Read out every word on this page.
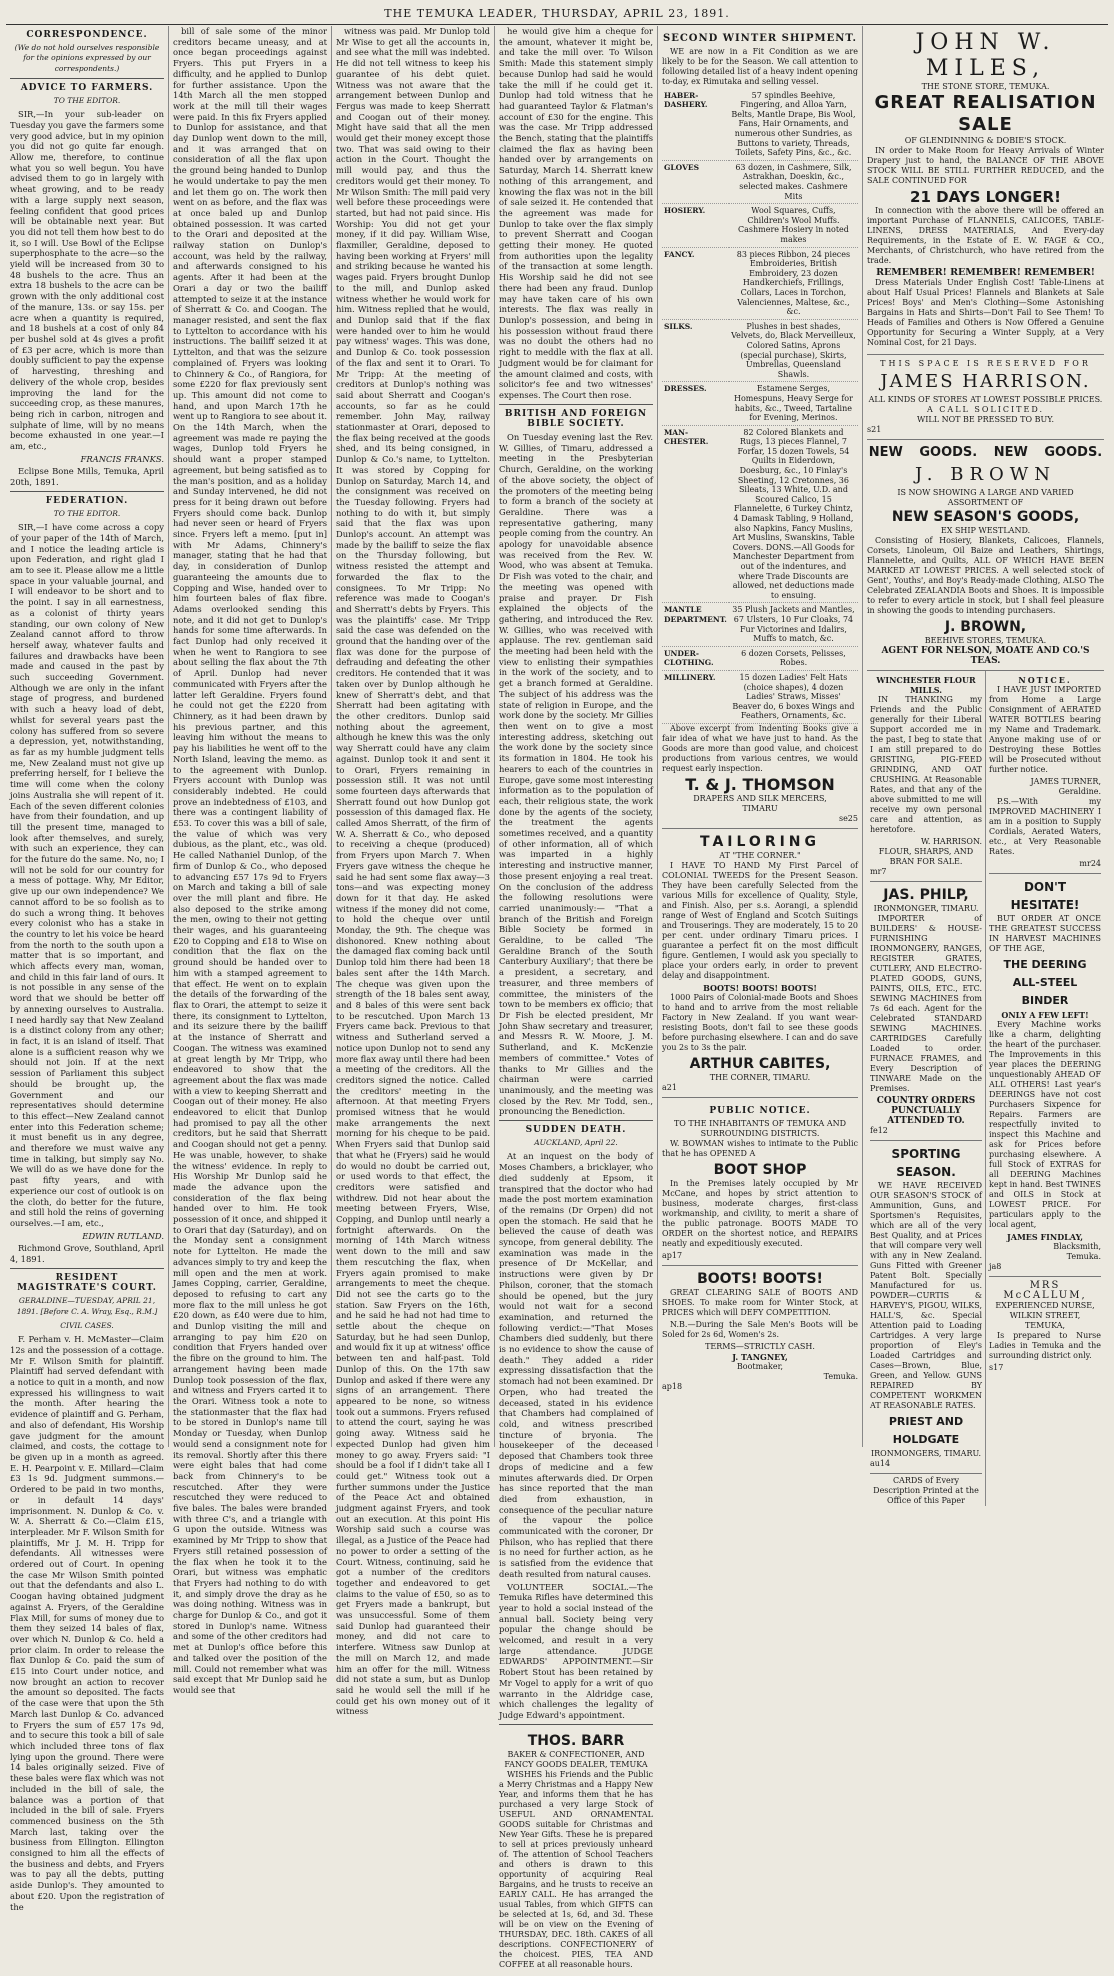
THE TEMUKA LEADER, THURSDAY, APRIL 23, 1891.
CORRESPONDENCE.
(We do not hold ourselves responsible for the opinions expressed by our correspondents.)
ADVICE TO FARMERS.
TO THE EDITOR.

SIR,—In your sub-leader on Tuesday you gave the farmers some very good advice, but in my opinion you did not go quite far enough. Allow me, therefore, to continue what you so well begun. You have advised them to go in largely with wheat growing, and to be ready with a large supply next season, feeling confident that good prices will be obtainable next year. But you did not tell them how best to do it, so I will. Use Bowl of the Eclipse superphosphate to the acre—so the yield will be increased from 30 to 48 bushels to the acre. Thus an extra 18 bushels to the acre can be grown with the only additional cost of the manure, 13s. or say 15s. per acre when a quantity is required, and 18 bushels at a cost of only 84 per bushel sold at 4s gives a profit of £3 per acre, which is more than doubly sufficient to pay the expense of harvesting, threshing and delivery of the whole crop, besides improving the land for the succeeding crop, as these manures, being rich in carbon, nitrogen and sulphate of lime, will by no means become exhausted in one year.—I am, etc.,

FRANCIS FRANKS.

Eclipse Bone Mills, Temuka, April 20th, 1891.

FEDERATION.
TO THE EDITOR.

SIR,—I have come across a copy of your paper of the 14th of March, and I notice the leading article is upon Federation, and right glad I am to see it. Please allow me a little space in your valuable journal, and I will endeavor to be short and to the point. I say in all earnestness, as a colonist of thirty years standing, our own colony of New Zealand cannot afford to throw herself away, whatever faults and failures and drawbacks have been made and caused in the past by such succeeding Government. Although we are only in the infant stage of progress, and burdened with such a heavy load of debt, whilst for several years past the colony has suffered from so severe a depression, yet, notwithstanding, as far as my humble judgment tells me, New Zealand must not give up preferring herself, for I believe the time will come when the colony joins Australia she will repent of it. Each of the seven different colonies have from their foundation, and up till the present time, managed to look after themselves, and surely, with such an experience, they can for the future do the same. No, no; I will not be sold for our country for a mess of pottage. Why, Mr Editor, give up our own independence? We cannot afford to be so foolish as to do such a wrong thing. It behoves every colonist who has a stake in the country to let his voice be heard from the north to the south upon a matter that is so important, and which affects every man, woman, and child in this fair land of ours. It is not possible in any sense of the word that we should be better off by annexing ourselves to Australia. I need hardly say that New Zealand is a distinct colony from any other; in fact, it is an island of itself. That alone is a sufficient reason why we should not join. If at the next session of Parliament this subject should be brought up, the Government and our representatives should determine to this effect—New Zealand cannot enter into this Federation scheme; it must benefit us in any degree, and therefore we must waive any time in talking, but simply say No. We will do as we have done for the past fifty years, and with experience our cost of outlook is on the cloth, do better for the future, and still hold the reins of governing ourselves.—I am, etc.,

EDWIN RUTLAND.

Richmond Grove, Southland, April 4, 1891.

RESIDENT MAGISTRATE'S COURT.
GERALDINE—TUESDAY, APRIL 21, 1891. [Before C. A. Wray, Esq., R.M.]
CIVIL CASES.

F. Perham v. H. McMaster—Claim 12s and the possession of a cottage. Mr F. Wilson Smith for plaintiff. Plaintiff had served defendant with a notice to quit in a month, and now expressed his willingness to wait the month. After hearing the evidence of plaintiff and G. Perham, and also of defendant, His Worship gave judgment for the amount claimed, and costs, the cottage to be given up in a month as agreed. E. H. Pearpoint v. E. Millard—Claim £3 1s 9d. Judgment summons.—Ordered to be paid in two months, or in default 14 days' imprisonment. N. Dunlop & Co. v. W. A. Sherratt & Co.—Claim £15, interpleader. Mr F. Wilson Smith for plaintiffs, Mr J. M. H. Tripp for defendants. All witnesses were ordered out of Court. In opening the case Mr Wilson Smith pointed out that the defendants and also L. Coogan having obtained judgment against A. Fryers, of the Geraldine Flax Mill, for sums of money due to them they seized 14 bales of flax, over which N. Dunlop & Co. held a prior claim. In order to release the flax Dunlop & Co. paid the sum of £15 into Court under notice, and now brought an action to recover the amount so deposited. The facts of the case were that upon the 5th March last Dunlop & Co. advanced to Fryers the sum of £57 17s 9d, and to secure this took a bill of sale which included three tons of flax lying upon the ground. There were 14 bales originally seized. Five of these bales were flax which was not included in the bill of sale, the balance was a portion of that included in the bill of sale. Fryers commenced business on the 5th March last, taking over the business from Ellington. Ellington consigned to him all the effects of the business and debts, and Fryers was to pay all the debts, putting aside Dunlop's. They amounted to about £20. Upon the registration of the

bill of sale some of the minor creditors became uneasy, and at once began proceedings against Fryers. This put Fryers in a difficulty, and he applied to Dunlop for further assistance. Upon the 14th March all the men stopped work at the mill till their wages were paid. In this fix Fryers applied to Dunlop for assistance, and that day Dunlop went down to the mill, and it was arranged that on consideration of all the flax upon the ground being handed to Dunlop he would undertake to pay the men and let them go on. The work then went on as before, and the flax was at once baled up and Dunlop obtained possession. It was carted to the Orari and deposited at the railway station on Dunlop's account, was held by the railway, and afterwards consigned to his agents. After it had been at the Orari a day or two the bailiff attempted to seize it at the instance of Sherratt & Co. and Coogan. The manager resisted, and sent the flax to Lyttelton to accordance with his instructions. The bailiff seized it at Lyttelton, and that was the seizure complained of. Fryers was looking to Chinnery & Co., of Rangiora, for some £220 for flax previously sent up. This amount did not come to hand, and upon March 17th he went up to Rangiora to see about it. On the 14th March, when the agreement was made re paying the wages, Dunlop told Fryers he should want a proper stamped agreement, but being satisfied as to the man's position, and as a holiday and Sunday intervened, he did not press for it being drawn out before Fryers should come back. Dunlop had never seen or heard of Fryers since. Fryers left a memo. [put in] with Mr Adams, Chinnery's manager, stating that he had that day, in consideration of Dunlop guaranteeing the amounts due to Copping and Wise, handed over to him fourteen bales of flax fibre. Adams overlooked sending this note, and it did not get to Dunlop's hands for some time afterwards. In fact Dunlop had only received it when he went to Rangiora to see about selling the flax about the 7th of April. Dunlop had never communicated with Fryers after the latter left Geraldine. Fryers found he could not get the £220 from Chinnery, as it had been drawn by his previous partner, and this leaving him without the means to pay his liabilities he went off to the North Island, leaving the memo. as to the agreement with Dunlop. Fryers account with Dunlop was considerably indebted. He could prove an indebtedness of £103, and there was a contingent liability of £53. To cover this was a bill of sale, the value of which was very dubious, as the plant, etc., was old. He called Nathaniel Dunlop, of the firm of Dunlop & Co., who deposed to advancing £57 17s 9d to Fryers on March and taking a bill of sale over the mill plant and fibre. He also deposed to the strike among the men, owing to their not getting their wages, and his guaranteeing £20 to Copping and £18 to Wise on condition that the flax on the ground should be handed over to him with a stamped agreement to that effect. He went on to explain the details of the forwarding of the flax to Orari, the attempt to seize it there, its consignment to Lyttelton, and its seizure there by the bailiff at the instance of Sherratt and Coogan. The witness was examined at great length by Mr Tripp, who endeavored to show that the agreement about the flax was made with a view to keeping Sherratt and Coogan out of their money. He also endeavored to elicit that Dunlop had promised to pay all the other creditors, but he said that Sherratt and Coogan should not get a penny. He was unable, however, to shake the witness' evidence. In reply to His Worship Mr Dunlop said he made the advance upon the consideration of the flax being handed over to him. He took possession of it once, and shipped it to Orari that day (Saturday), and on the Monday sent a consignment note for Lyttelton. He made the advances simply to try and keep the mill open and the men at work. James Copping, carrier, Geraldine, deposed to refusing to cart any more flax to the mill unless he got £20 down, as £40 were due to him, and Dunlop visiting the mill and arranging to pay him £20 on condition that Fryers handed over the fibre on the ground to him. The arrangement having been made Dunlop took possession of the flax, and witness and Fryers carted it to the Orari. Witness took a note to the stationmaster that the flax had to be stored in Dunlop's name till Monday or Tuesday, when Dunlop would send a consignment note for its removal. Shortly after this there were eight bales that had come back from Chinnery's to be rescutched. After they were rescutched they were reduced to five bales. The bales were branded with three C's, and a triangle with G upon the outside. Witness was examined by Mr Tripp to show that Fryers still retained possession of the flax when he took it to the Orari, but witness was emphatic that Fryers had nothing to do with it, and simply drove the dray as he was doing nothing. Witness was in charge for Dunlop & Co., and got it stored in Dunlop's name. Witness and some of the other creditors had met at Dunlop's office before this and talked over the position of the mill. Could not remember what was said except that Mr Dunlop said he would see that

witness was paid. Mr Dunlop told Mr Wise to get all the accounts in, and see what the mill was indebted. He did not tell witness to keep his guarantee of his debt quiet. Witness was not aware that the arrangement between Dunlop and Fergus was made to keep Sherratt and Coogan out of their money. Might have said that all the men would get their money except those two. That was said owing to their action in the Court. Thought the mill would pay, and thus the creditors would get their money. To Mr Wilson Smith: The mill paid very well before these proceedings were started, but had not paid since. His Worship: You did not get your money, if it did pay. William Wise, flaxmiller, Geraldine, deposed to having been working at Fryers' mill and striking because he wanted his wages paid. Fryers brought Dunlop to the mill, and Dunlop asked witness whether he would work for him. Witness replied that he would, and Dunlop said that if the flax were handed over to him he would pay witness' wages. This was done, and Dunlop & Co. took possession of the flax and sent it to Orari. To Mr Tripp: At the meeting of creditors at Dunlop's nothing was said about Sherratt and Coogan's accounts, so far as he could remember. John May, railway stationmaster at Orari, deposed to the flax being received at the goods shed, and its being consigned, in Dunlop & Co.'s name, to Lyttelton. It was stored by Copping for Dunlop on Saturday, March 14, and the consignment was received on the Tuesday following. Fryers had nothing to do with it, but simply said that the flax was upon Dunlop's account. An attempt was made by the bailiff to seize the flax on the Thursday following, but witness resisted the attempt and forwarded the flax to the consignees. To Mr Tripp: No reference was made to Coogan's and Sherratt's debts by Fryers. This was the plaintiffs' case. Mr Tripp said the case was defended on the ground that the handing over of the flax was done for the purpose of defrauding and defeating the other creditors. He contended that it was taken over by Dunlop although he knew of Sherratt's debt, and that Sherratt had been agitating with the other creditors. Dunlop said nothing about the agreement, although he knew this was the only way Sherratt could have any claim against. Dunlop took it and sent it to Orari, Fryers remaining in possession still. It was not until some fourteen days afterwards that Sherratt found out how Dunlop got possession of this damaged flax. He called Amos Sherratt, of the firm of W. A. Sherratt & Co., who deposed to receiving a cheque (produced) from Fryers upon March 7. When Fryers gave witness the cheque he said he had sent some flax away—3 tons—and was expecting money down for it that day. He asked witness if the money did not come, to hold the cheque over until Monday, the 9th. The cheque was dishonored. Knew nothing about the damaged flax coming back until Dunlop told him there had been 18 bales sent after the 14th March. The cheque was given upon the strength of the 18 bales sent away, and 8 bales of this were sent back to be rescutched. Upon March 13 Fryers came back. Previous to that witness and Sutherland served a notice upon Dunlop not to send any more flax away until there had been a meeting of the creditors. All the creditors signed the notice. Called the creditors' meeting in the afternoon. At that meeting Fryers promised witness that he would make arrangements the next morning for his cheque to be paid. When Fryers said that Dunlop said that what he (Fryers) said he would do would no doubt be carried out, or used words to that effect, the creditors were satisfied and withdrew. Did not hear about the meeting between Fryers, Wise, Copping, and Dunlop until nearly a fortnight afterwards. On the morning of 14th March witness went down to the mill and saw them rescutching the flax, when Fryers again promised to make arrangements to meet the cheque. Did not see the carts go to the station. Saw Fryers on the 16th, and he said he had not had time to settle about the cheque on Saturday, but he had seen Dunlop, and would fix it up at witness' office between ten and half-past. Told Dunlop of this. On the 17th saw Dunlop and asked if there were any signs of an arrangement. There appeared to be none, so witness took out a summons. Fryers refused to attend the court, saying he was going away. Witness said he expected Dunlop had given him money to go away. Fryers said: "I should be a fool if I didn't take all I could get." Witness took out a further summons under the Justice of the Peace Act and obtained judgment against Fryers, and took out an execution. At this point His Worship said such a course was illegal, as a Justice of the Peace had no power to order a setting of the Court. Witness, continuing, said he got a number of the creditors together and endeavored to get claims to the value of £50, so as to get Fryers made a bankrupt, but was unsuccessful. Some of them said Dunlop had guaranteed their money, and did not care to interfere. Witness saw Dunlop at the mill on March 12, and made him an offer for the mill. Witness did not state a sum, but as Dunlop said he would sell the mill if he could get his own money out of it witness

he would give him a cheque for the amount, whatever it might be, and take the mill over. To Wilson Smith: Made this statement simply because Dunlop had said he would take the mill if he could get it. Dunlop had told witness that he had guaranteed Taylor & Flatman's account of £30 for the engine. This was the case. Mr Tripp addressed the Bench, stating that the plaintiffs claimed the flax as having been handed over by arrangements on Saturday, March 14. Sherratt knew nothing of this arrangement, and knowing the flax was not in the bill of sale seized it. He contended that the agreement was made for Dunlop to take over the flax simply to prevent Sherratt and Coogan getting their money. He quoted from authorities upon the legality of the transaction at some length. His Worship said he did not see there had been any fraud. Dunlop may have taken care of his own interests. The flax was really in Dunlop's possession, and being in his possession without fraud there was no doubt the others had no right to meddle with the flax at all. Judgment would be for claimant for the amount claimed and costs, with solicitor's fee and two witnesses' expenses. The Court then rose.

BRITISH AND FOREIGN BIBLE SOCIETY.

On Tuesday evening last the Rev. W. Gillies, of Timaru, addressed a meeting in the Presbyterian Church, Geraldine, on the working of the above society, the object of the promoters of the meeting being to form a branch of the society at Geraldine. There was a representative gathering, many people coming from the country. An apology for unavoidable absence was received from the Rev. W. Wood, who was absent at Temuka. Dr Fish was voted to the chair, and the meeting was opened with praise and prayer. Dr Fish explained the objects of the gathering, and introduced the Rev. W. Gillies, who was received with applause. The rev. gentleman said the meeting had been held with the view to enlisting their sympathies in the work of the society, and to get a branch formed at Geraldine. The subject of his address was the state of religion in Europe, and the work done by the society. Mr Gillies then went on to give a most interesting address, sketching out the work done by the society since its formation in 1804. He took his hearers to each of the countries in Europe, gave some most interesting information as to the population of each, their religious state, the work done by the agents of the society, the treatment the agents sometimes received, and a quantity of other information, all of which was imparted in a highly interesting and instructive manner, those present enjoying a real treat. On the conclusion of the address the following resolutions were carried unanimously:— "That a branch of the British and Foreign Bible Society be formed in Geraldine, to be called 'The Geraldine Branch of the South Canterbury Auxiliary'; that there be a president, a secretary, and treasurer, and three members of committee, the ministers of the town to be members ex officio; that Dr Fish be elected president, Mr John Shaw secretary and treasurer, and Messrs R. W. Moore, J. M. Sutherland, and K. McKenzie members of committee." Votes of thanks to Mr Gillies and the chairman were carried unanimously, and the meeting was closed by the Rev. Mr Todd, sen., pronouncing the Benediction.

SUDDEN DEATH.
AUCKLAND, April 22.

At an inquest on the body of Moses Chambers, a bricklayer, who died suddenly at Epsom, it transpired that the doctor who had made the post mortem examination of the remains (Dr Orpen) did not open the stomach. He said that he believed the cause of death was syncope, from general debility. The examination was made in the presence of Dr McKellar, and instructions were given by Dr Philson, coroner, that the stomach should be opened, but the jury would not wait for a second examination, and returned the following verdict:—"That Moses Chambers died suddenly, but there is no evidence to show the cause of death." They added a rider expressing dissatisfaction that the stomach had not been examined. Dr Orpen, who had treated the deceased, stated in his evidence that Chambers had complained of cold, and witness prescribed tincture of bryonia. The housekeeper of the deceased deposed that Chambers took three drops of medicine and a few minutes afterwards died. Dr Orpen has since reported that the man died from exhaustion, in consequence of the peculiar nature of the vapour the police communicated with the coroner, Dr Philson, who has replied that there is no need for further action, as he is satisfied from the evidence that death resulted from natural causes.

VOLUNTEER SOCIAL.—The Temuka Rifles have determined this year to hold a social instead of the annual ball. Society being very popular the change should be welcomed, and result in a very large attendance. JUDGE EDWARDS' APPOINTMENT.—Sir Robert Stout has been retained by Mr Vogel to apply for a writ of quo warranto in the Aldridge case, which challenges the legality of Judge Edward's appointment.

THOS. BARR
BAKER & CONFECTIONER, AND FANCY GOODS DEALER, TEMUKA

WISHES his Friends and the Public a Merry Christmas and a Happy New Year, and informs them that he has purchased a very large Stock of USEFUL AND ORNAMENTAL GOODS suitable for Christmas and New Year Gifts. These he is prepared to sell at prices previously unheard of. The attention of School Teachers and others is drawn to this opportunity of acquiring Real Bargains, and he trusts to receive an EARLY CALL. He has arranged the usual Tables, from which GIFTS can be selected at 1s, 6d, and 3d. These will be on view on the Evening of THURSDAY, DEC. 18th. CAKES of all descriptions. CONFECTIONERY of the choicest. PIES, TEA AND COFFEE at all reasonable hours.

SECOND WINTER SHIPMENT.

WE are now in a Fit Condition as we are likely to be for the Season. We call attention to following detailed list of a heavy indent opening to-day, ex Rimutaka and selling vessel.

HABER-DASHERY.	57 spindles Beehive, Fingering, and Alloa Yarn, Belts, Mantle Drape, Bis Wool, Fans, Hair Ornaments, and numerous other Sundries, as Buttons to variety, Threads, Toilets, Safety Pins, &c., &c.
GLOVES	63 dozen, in Cashmere, Silk, Astrakhan, Doeskin, &c., selected makes. Cashmere Mits
HOSIERY.	Wool Squares, Cuffs, Children's Wool Muffs. Cashmere Hosiery in noted makes
FANCY.	83 pieces Ribbon, 24 pieces Embroideries, British Embroidery, 23 dozen Handkerchiefs, Frillings, Collars, Laces in Torchon, Valenciennes, Maltese, &c., &c.
SILKS.	Plushes in best shades, Velvets, do, Black Merveilleux, Colored Satins, Aprons (special purchase), Skirts, Umbrellas, Queensland Shawls.
DRESSES.	Estamene Serges, Homespuns, Heavy Serge for habits, &c., Tweed, Tartaline for Evening, Merinos.
MAN-CHESTER.	82 Colored Blankets and Rugs, 13 pieces Flannel, 7 Forfar, 15 dozen Towels, 54 Quilts in Eiderdown, Doesburg, &c., 10 Finlay's Sheeting, 12 Cretonnes, 36 Sileats, 13 White, U.D. and Scoured Calico, 15 Flannelette, 6 Turkey Chintz, 4 Damask Tabling, 9 Holland, also Napkins, Fancy Muslins, Art Muslins, Swanskins, Table Covers. DONS.—All Goods for Manchester Department from out of the indentures, and where Trade Discounts are allowed, net deductions made to ensuing.
MANTLE DEPARTMENT.	35 Plush Jackets and Mantles, 67 Ulsters, 10 Fur Cloaks, 74 Fur Victorines and Idalirs, Muffs to match, &c.
UNDER-CLOTHING.	6 dozen Corsets, Pelisses, Robes.
MILLINERY.	15 dozen Ladies' Felt Hats (choice shapes), 4 dozen Ladies' Straws, Misses' Beaver do, 6 boxes Wings and Feathers, Ornaments, &c.

Above excerpt from Indenting Books give a fair idea of what we have just to hand. As the Goods are more than good value, and choicest productions from various centres, we would request early inspection.

T. & J. THOMSON
DRAPERS AND SILK MERCERS,
TIMARU
se25
TAILORING
AT "THE CORNER."

I HAVE TO HAND My First Parcel of COLONIAL TWEEDS for the Present Season. They have been carefully Selected from the various Mills for excellence of Quality, Style, and Finish. Also, per s.s. Aorangi, a splendid range of West of England and Scotch Suitings and Trouserings. They are moderately, 15 to 20 per cent. under ordinary Timaru prices. I guarantee a perfect fit on the most difficult figure. Gentlemen, I would ask you specially to place your orders early, in order to prevent delay and disappointment.

BOOTS! BOOTS! BOOTS!

1000 Pairs of Colonial-made Boots and Shoes to hand and to arrive from the most reliable Factory in New Zealand. If you want wear-resisting Boots, don't fail to see these goods before purchasing elsewhere. I can and do save you 2s to 3s the pair.

ARTHUR CABITES,
THE CORNER, TIMARU.
a21
PUBLIC NOTICE.
TO THE INHABITANTS OF TEMUKA AND SURROUNDING DISTRICTS.

W. BOWMAN wishes to intimate to the Public that he has OPENED A

BOOT SHOP

In the Premises lately occupied by Mr McCane, and hopes by strict attention to business, moderate charges, first-class workmanship, and civility, to merit a share of the public patronage. BOOTS MADE TO ORDER on the shortest notice, and REPAIRS neatly and expeditiously executed.

ap17
BOOTS! BOOTS!

GREAT CLEARING SALE of BOOTS AND SHOES. To make room for Winter Stock, at PRICES which will DEFY COMPETITION.

N.B.—During the Sale Men's Boots will be Soled for 2s 6d, Women's 2s.

TERMS—STRICTLY CASH.
J. TANGNEY,
Bootmaker,
Temuka.
ap18
JOHN W. MILES,
THE STONE STORE, TEMUKA.
GREAT REALISATION SALE
OF GLENDINNING & DOBIE'S STOCK.

IN order to Make Room for Heavy Arrivals of Winter Drapery just to hand, the BALANCE OF THE ABOVE STOCK WILL BE STILL FURTHER REDUCED, and the SALE CONTINUED FOR

21 DAYS LONGER!

In connection with the above there will be offered an important Purchase of FLANNELS, CALICOES, TABLE-LINENS, DRESS MATERIALS, And Every-day Requirements, in the Estate of E. W. FAGE & CO., Merchants, of Christchurch, who have retired from the trade.

REMEMBER! REMEMBER! REMEMBER!

Dress Materials Under English Cost! Table-Linens at about Half Usual Prices! Flannels and Blankets at Sale Prices! Boys' and Men's Clothing—Some Astonishing Bargains in Hats and Shirts—Don't Fail to See Them! To Heads of Families and Others is Now Offered a Genuine Opportunity for Securing a Winter Supply, at a Very Nominal Cost, for 21 Days.

THIS SPACE IS RESERVED FOR
JAMES HARRISON.
ALL KINDS OF STORES AT LOWEST POSSIBLE PRICES.
A CALL SOLICITED.
WILL NOT BE PRESSED TO BUY.
s21
NEW GOODS. NEW GOODS.
J. BROWN
IS NOW SHOWING A LARGE AND VARIED ASSORTMENT OF
NEW SEASON'S GOODS,
EX SHIP WESTLAND.

Consisting of Hosiery, Blankets, Calicoes, Flannels, Corsets, Linoleum, Oil Baize and Leathers, Shirtings, Flannelette, and Quilts, ALL OF WHICH HAVE BEEN MARKED AT LOWEST PRICES. A well selected stock of Gent', Youths', and Boy's Ready-made Clothing, ALSO The Celebrated ZEALANDIA Boots and Shoes. It is impossible to refer to every article in stock, but I shall feel pleasure in showing the goods to intending purchasers.

J. BROWN,
BEEHIVE STORES, TEMUKA.
AGENT FOR NELSON, MOATE AND CO.'S TEAS.
WINCHESTER FLOUR MILLS.

IN THANKING my Friends and the Public generally for their Liberal Support accorded me in the past, I beg to state that I am still prepared to do GRISTING, PIG-FEED GRINDING, AND OAT CRUSHING. At Reasonable Rates, and that any of the above submitted to me will receive my own personal care and attention, as heretofore.

W. HARRISON.
FLOUR, SHARPS, AND BRAN FOR SALE.
mr7
JAS. PHILP,
IRONMONGER, TIMARU.

IMPORTER of BUILDERS' & HOUSE-FURNISHING IRONMONGERY, RANGES, REGISTER GRATES, CUTLERY, AND ELECTRO-PLATED GOODS, GUNS, PAINTS, OILS, ETC., ETC. SEWING MACHINES from 7s 6d each. Agent for the Celebrated STANDARD SEWING MACHINES. CARTRIDGES Carefully Loaded to order. FURNACE FRAMES, and Every Description of TINWARE Made on the Premises.

COUNTRY ORDERS PUNCTUALLY ATTENDED TO.
fe12
SPORTING SEASON.

WE HAVE RECEIVED OUR SEASON'S STOCK of Ammunition, Guns, and Sportsmen's Requisites, which are all of the very Best Quality, and at Prices that will compare very well with any in New Zealand. Guns Fitted with Greener Patent Bolt. Specially Manufactured for us. POWDER—CURTIS & HARVEY'S, PIGOU, WILKS, HALL'S, &c. Special Attention paid to Loading Cartridges. A very large proportion of Eley's Loaded Cartridges and Cases—Brown, Blue, Green, and Yellow. GUNS REPAIRED BY COMPETENT WORKMEN AT REASONABLE RATES.

PRIEST AND HOLDGATE
IRONMONGERS, TIMARU.
au14
CARDS of Every Description Printed at the Office of this Paper
NOTICE.

I HAVE JUST IMPORTED from Home a Large Consignment of AERATED WATER BOTTLES bearing my Name and Trademark. Anyone making use of or Destroying these Bottles will be Prosecuted without further notice.

JAMES TURNER, Geraldine.

P.S.—With my IMPROVED MACHINERY I am in a position to Supply Cordials, Aerated Waters, etc., at Very Reasonable Rates.

mr24
DON'T HESITATE!

BUT ORDER AT ONCE THE GREATEST SUCCESS IN HARVEST MACHINES OF THE AGE,

THE DEERING ALL-STEEL BINDER
ONLY A FEW LEFT!

Every Machine works like a charm, delighting the heart of the purchaser. The Improvements in this year places the DEERING unquestionably AHEAD OF ALL OTHERS! Last year's DEERINGS have not cost Purchasers Sixpence for Repairs. Farmers are respectfully invited to inspect this Machine and ask for Prices before purchasing elsewhere. A full Stock of EXTRAS for all DEERING Machines kept in hand. Best TWINES and OILS in Stock at LOWEST PRICE. For particulars apply to the local agent,

JAMES FINDLAY,
Blacksmith,
Temuka.
ja8
MRS McCALLUM,
EXPERIENCED NURSE,
WILKIN STREET, TEMUKA,

Is prepared to Nurse Ladies in Temuka and the surrounding district only.

s17
